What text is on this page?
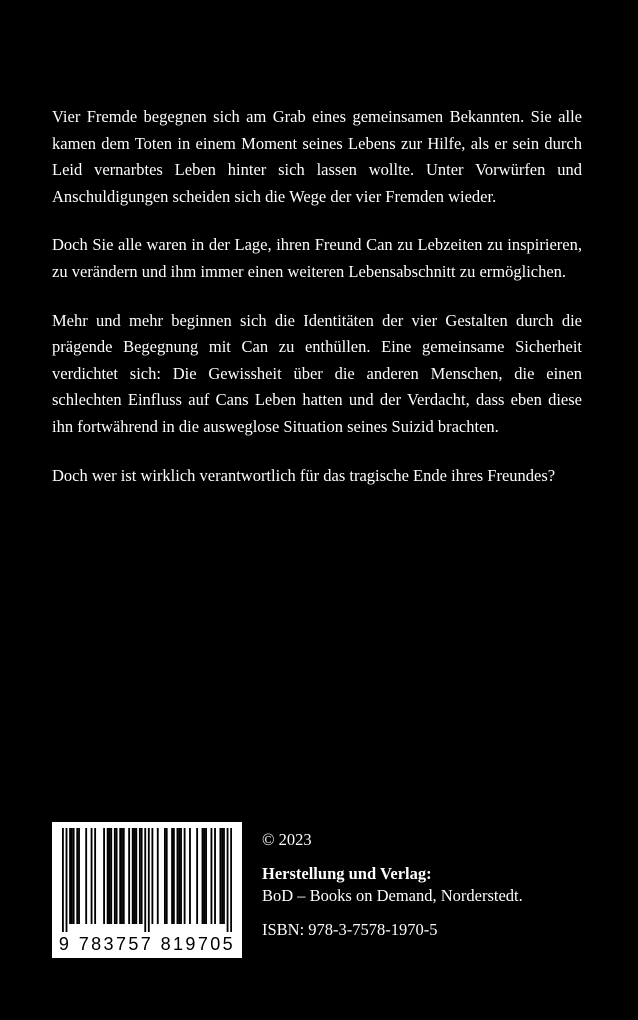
Vier Fremde begegnen sich am Grab eines gemeinsamen Bekannten. Sie alle kamen dem Toten in einem Moment seines Lebens zur Hilfe, als er sein durch Leid vernarbtes Leben hinter sich lassen wollte. Unter Vorwürfen und Anschuldigungen scheiden sich die Wege der vier Fremden wieder.

Doch Sie alle waren in der Lage, ihren Freund Can zu Lebzeiten zu inspirieren, zu verändern und ihm immer einen weiteren Lebensabschnitt zu ermöglichen.

Mehr und mehr beginnen sich die Identitäten der vier Gestalten durch die prägende Begegnung mit Can zu enthüllen. Eine gemeinsame Sicherheit verdichtet sich: Die Gewissheit über die anderen Menschen, die einen schlechten Einfluss auf Cans Leben hatten und der Verdacht, dass eben diese ihn fortwährend in die ausweglose Situation seines Suizid brachten.

Doch wer ist wirklich verantwortlich für das tragische Ende ihres Freundes?

9 783757 819705
© 2023
Herstellung und Verlag:
BoD – Books on Demand, Norderstedt.
ISBN: 978-3-7578-1970-5
